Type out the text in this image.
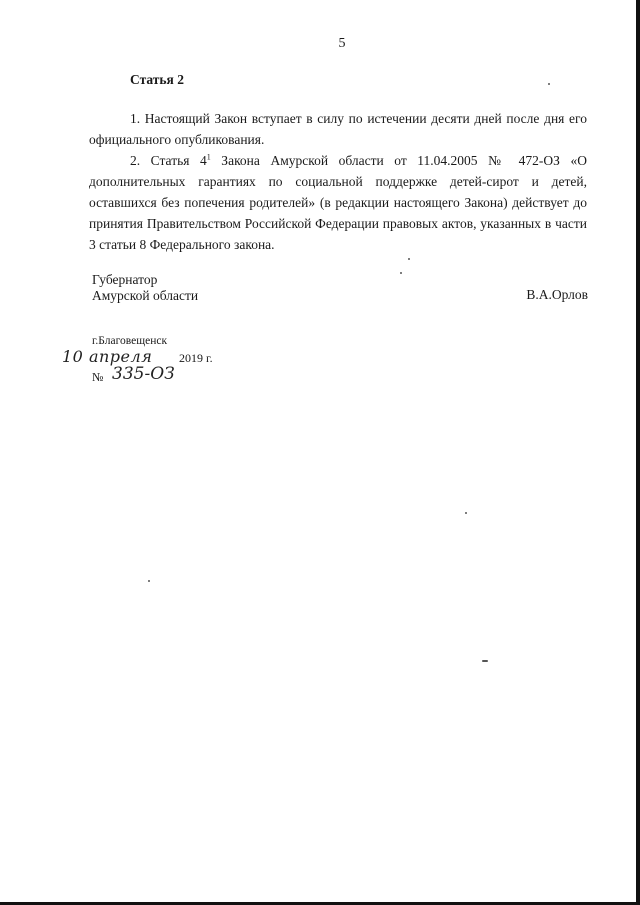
5
Статья 2
1. Настоящий Закон вступает в силу по истечении десяти дней после дня его официального опубликования.
2. Статья $4^1$ Закона Амурской области от 11.04.2005 № 472-ОЗ «О дополнительных гарантиях по социальной поддержке детей-сирот и детей, оставшихся без попечения родителей» (в редакции настоящего Закона) действует до принятия Правительством Российской Федерации правовых актов, указанных в части 3 статьи 8 Федерального закона.
Губернатор
Амурской области	В.А.Орлов
г.Благовещенск
10 апреля 2019 г.
№ 335-ОЗ
